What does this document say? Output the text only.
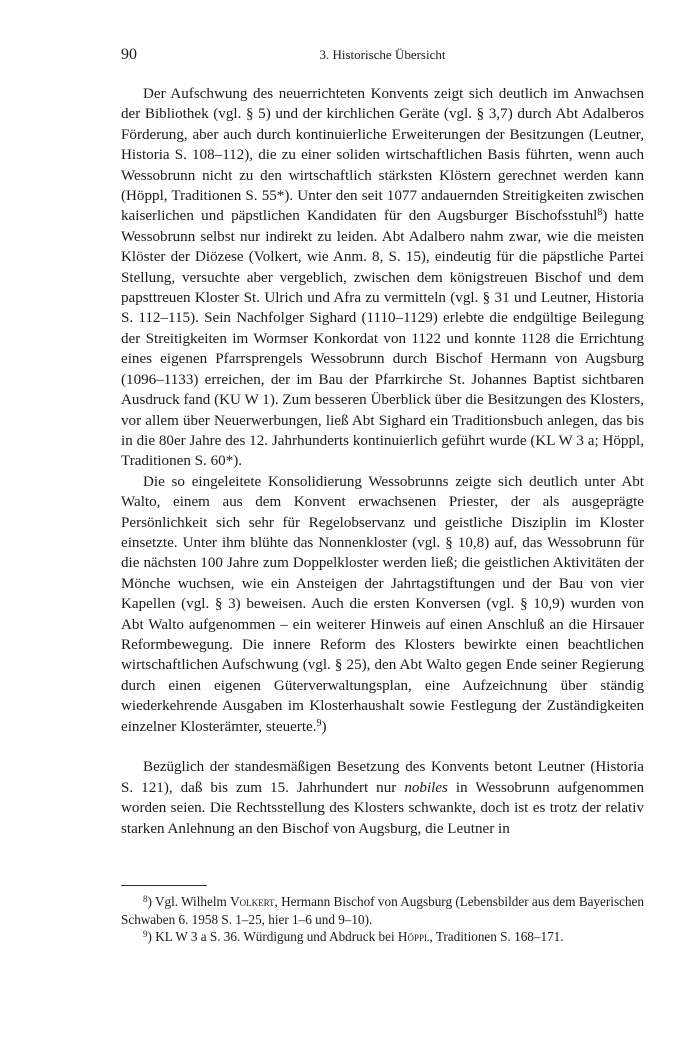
90	3. Historische Übersicht

Der Aufschwung des neuerrichteten Konvents zeigt sich deutlich im Anwachsen der Bibliothek (vgl. § 5) und der kirchlichen Geräte (vgl. § 3,7) durch Abt Adalberos Förderung, aber auch durch kontinuierliche Erweiterungen der Besitzungen (Leutner, Historia S. 108–112), die zu einer soliden wirtschaftlichen Basis führten, wenn auch Wessobrunn nicht zu den wirtschaftlich stärksten Klöstern gerechnet werden kann (Höppl, Traditionen S. 55*). Unter den seit 1077 andauernden Streitigkeiten zwischen kaiserlichen und päpstlichen Kandidaten für den Augsburger Bischofsstuhl$^8$) hatte Wessobrunn selbst nur indirekt zu leiden. Abt Adalbero nahm zwar, wie die meisten Klöster der Diözese (Volkert, wie Anm. 8, S. 15), eindeutig für die päpstliche Partei Stellung, versuchte aber vergeblich, zwischen dem königstreuen Bischof und dem papsttreuen Kloster St. Ulrich und Afra zu vermitteln (vgl. § 31 und Leutner, Historia S. 112–115). Sein Nachfolger Sighard (1110–1129) erlebte die endgültige Beilegung der Streitigkeiten im Wormser Konkordat von 1122 und konnte 1128 die Errichtung eines eigenen Pfarrsprengels Wessobrunn durch Bischof Hermann von Augsburg (1096–1133) erreichen, der im Bau der Pfarrkirche St. Johannes Baptist sichtbaren Ausdruck fand (KU W 1). Zum besseren Überblick über die Besitzungen des Klosters, vor allem über Neuerwerbungen, ließ Abt Sighard ein Traditionsbuch anlegen, das bis in die 80er Jahre des 12. Jahrhunderts kontinuierlich geführt wurde (KL W 3 a; Höppl, Traditionen S. 60*).

Die so eingeleitete Konsolidierung Wessobrunns zeigte sich deutlich unter Abt Walto, einem aus dem Konvent erwachsenen Priester, der als ausgeprägte Persönlichkeit sich sehr für Regelobservanz und geistliche Disziplin im Kloster einsetzte. Unter ihm blühte das Nonnenkloster (vgl. § 10,8) auf, das Wessobrunn für die nächsten 100 Jahre zum Doppelkloster werden ließ; die geistlichen Aktivitäten der Mönche wuchsen, wie ein Ansteigen der Jahrtagstiftungen und der Bau von vier Kapellen (vgl. § 3) beweisen. Auch die ersten Konversen (vgl. § 10,9) wurden von Abt Walto aufgenommen – ein weiterer Hinweis auf einen Anschluß an die Hirsauer Reformbewegung. Die innere Reform des Klosters bewirkte einen beachtlichen wirtschaftlichen Aufschwung (vgl. § 25), den Abt Walto gegen Ende seiner Regierung durch einen eigenen Güterverwaltungsplan, eine Aufzeichnung über ständig wiederkehrende Ausgaben im Klosterhaushalt sowie Festlegung der Zuständigkeiten einzelner Klosterämter, steuerte.$^9$)

Bezüglich der standesmäßigen Besetzung des Konvents betont Leutner (Historia S. 121), daß bis zum 15. Jahrhundert nur nobiles in Wessobrunn aufgenommen worden seien. Die Rechtsstellung des Klosters schwankte, doch ist es trotz der relativ starken Anlehnung an den Bischof von Augsburg, die Leutner in

$^8$) Vgl. Wilhelm Volkert, Hermann Bischof von Augsburg (Lebensbilder aus dem Bayerischen Schwaben 6. 1958 S. 1–25, hier 1–6 und 9–10).

$^9$) KL W 3 a S. 36. Würdigung und Abdruck bei Höppl, Traditionen S. 168–171.
